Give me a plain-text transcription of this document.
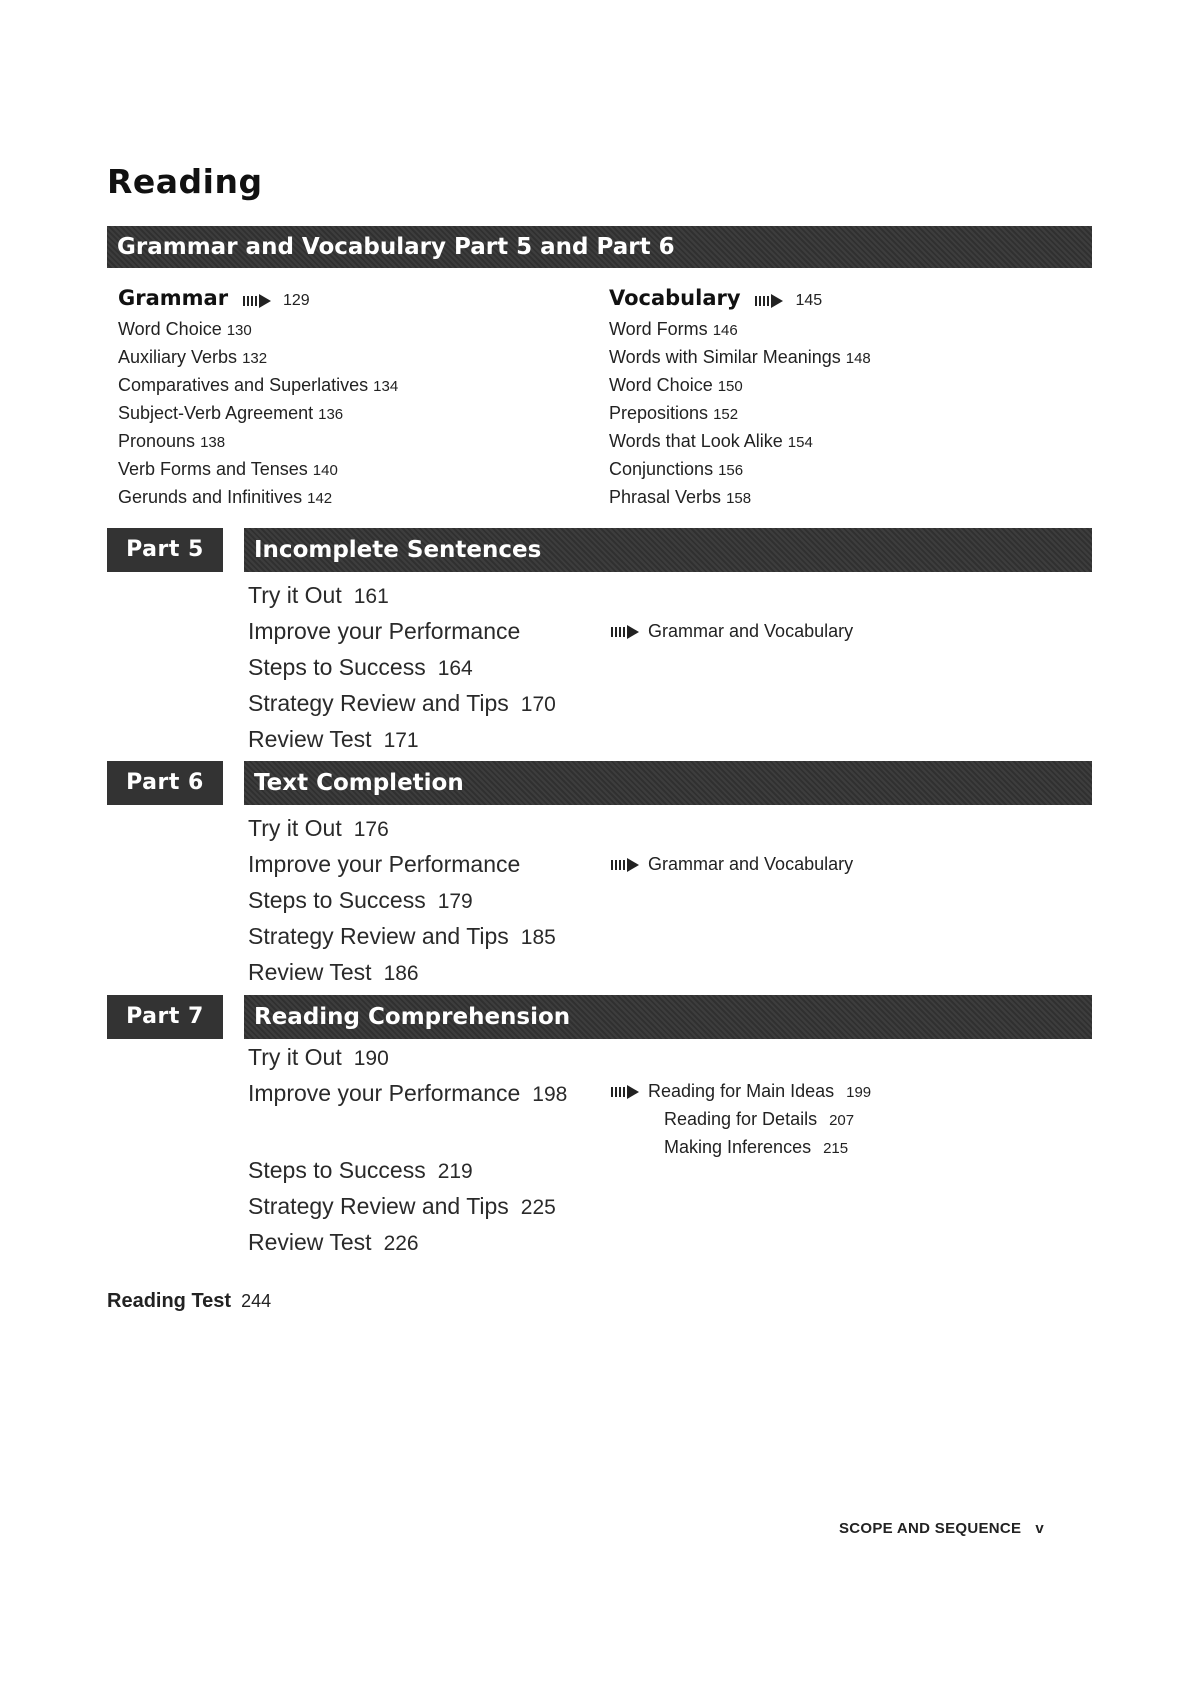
Reading
Grammar and Vocabulary Part 5 and Part 6
Grammar	129
Word Choice 130
Auxiliary Verbs 132
Comparatives and Superlatives 134
Subject-Verb Agreement 136
Pronouns 138
Verb Forms and Tenses 140
Gerunds and Infinitives 142
Vocabulary	145
Word Forms 146
Words with Similar Meanings 148
Word Choice 150
Prepositions 152
Words that Look Alike 154
Conjunctions 156
Phrasal Verbs 158
Part 5	Incomplete Sentences
Try it Out 161
Improve your Performance
Steps to Success 164
Strategy Review and Tips 170
Review Test 171
Grammar and Vocabulary
Part 6	Text Completion
Try it Out 176
Improve your Performance
Steps to Success 179
Strategy Review and Tips 185
Review Test 186
Grammar and Vocabulary
Part 7	Reading Comprehension
Try it Out 190
Improve your Performance 198
Steps to Success 219
Strategy Review and Tips 225
Review Test 226
Reading for Main Ideas 199
Reading for Details 207
Making Inferences 215
Reading Test 244
SCOPE AND SEQUENCE v
